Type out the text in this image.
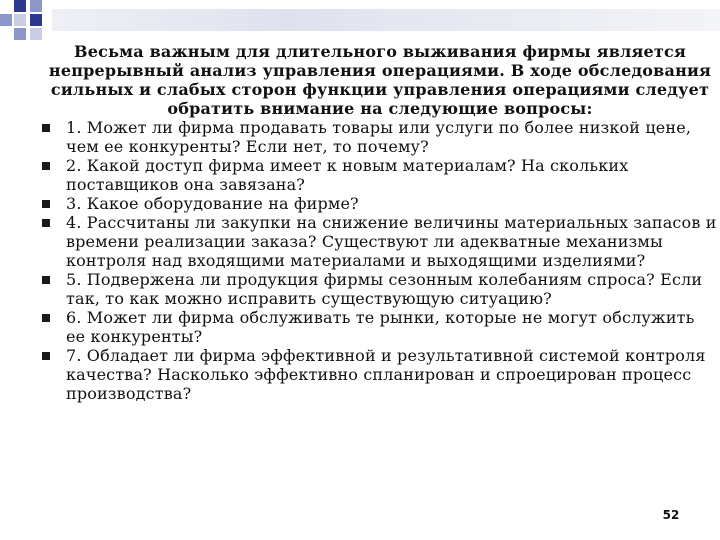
Весьма важным для длительного выживания фирмы является непрерывный анализ управления операциями. В ходе обследования сильных и слабых сторон функции управления операциями следует обратить внимание на следующие вопросы:
1. Может ли фирма продавать товары или услуги по более низкой цене, чем ее конкуренты? Если нет, то почему?
2. Какой доступ фирма имеет к новым материалам? На скольких поставщиков она завязана?
3. Какое оборудование на фирме?
4. Рассчитаны ли закупки на снижение величины материальных запасов и времени реализации заказа? Существуют ли адекватные механизмы контроля над входящими материалами и выходящими изделиями?
5. Подвержена ли продукция фирмы сезонным колебаниям спроса? Если так, то как можно исправить существующую ситуацию?
6. Может ли фирма обслуживать те рынки, которые не могут обслужить ее конкуренты?
7. Обладает ли фирма эффективной и результативной системой контроля качества? Насколько эффективно спланирован и спроецирован процесс производства?
52
